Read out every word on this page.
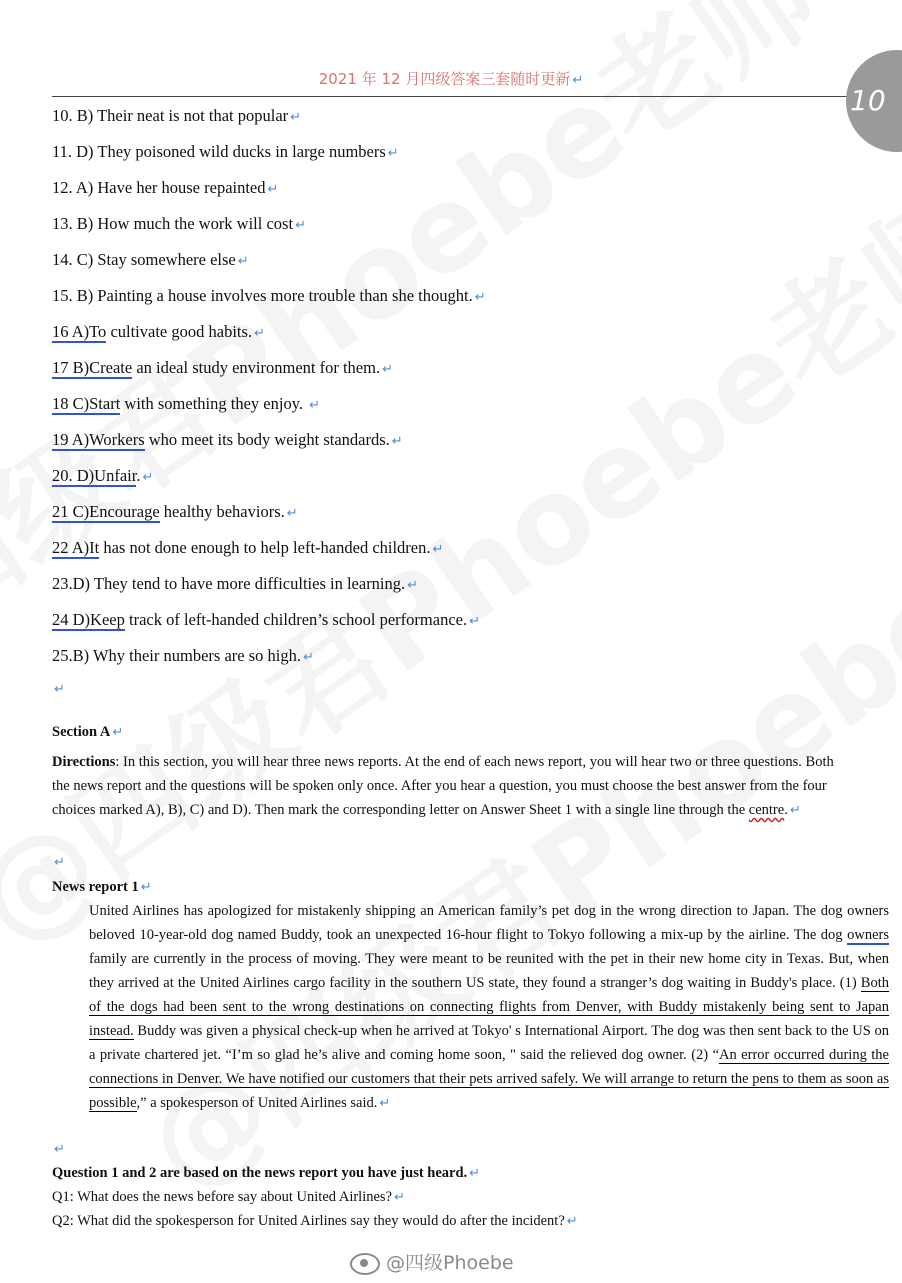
2021 年 12 月四级答案三套随时更新 ↵
10
10. B) Their neat is not that popular ↵
11. D) They poisoned wild ducks in large numbers ↵
12. A) Have her house repainted ↵
13. B) How much the work will cost ↵
14. C) Stay somewhere else ↵
15. B) Painting a house involves more trouble than she thought. ↵
16 A)To cultivate good habits. ↵
17 B)Create an ideal study environment for them. ↵
18 C)Start with something they enjoy. ↵
19 A)Workers who meet its body weight standards. ↵
20. D)Unfair. ↵
21 C)Encourage healthy behaviors. ↵
22 A)It has not done enough to help left-handed children. ↵
23.D) They tend to have more difficulties in learning. ↵
24 D)Keep track of left-handed children’s school performance. ↵
25.B) Why their numbers are so high. ↵
↵
Section A ↵
Directions: In this section, you will hear three news reports. At the end of each news report, you will hear two or three questions. Both the news report and the questions will be spoken only once. After you hear a question, you must choose the best answer from the four choices marked A), B), C) and D). Then mark the corresponding letter on Answer Sheet 1 with a single line through the centre. ↵
↵
News report 1 ↵
United Airlines has apologized for mistakenly shipping an American family’s pet dog in the wrong direction to Japan. The dog owners beloved 10-year-old dog named Buddy, took an unexpected 16-hour flight to Tokyo following a mix-up by the airline. The dog owners family are currently in the process of moving. They were meant to be reunited with the pet in their new home city in Texas. But, when they arrived at the United Airlines cargo facility in the southern US state, they found a stranger’s dog waiting in Buddy's place. (1) Both of the dogs had been sent to the wrong destinations on connecting flights from Denver, with Buddy mistakenly being sent to Japan instead. Buddy was given a physical check-up when he arrived at Tokyo' s International Airport. The dog was then sent back to the US on a private chartered jet. “I’m so glad he’s alive and coming home soon, " said the relieved dog owner. (2) “An error occurred during the connections in Denver. We have notified our customers that their pets arrived safely. We will arrange to return the pens to them as soon as possible,” a spokesperson of United Airlines said. ↵
↵
Question 1 and 2 are based on the news report you have just heard. ↵
Q1: What does the news before say about United Airlines? ↵
Q2: What did the spokesperson for United Airlines say they would do after the incident? ↵
@四级Phoebe
